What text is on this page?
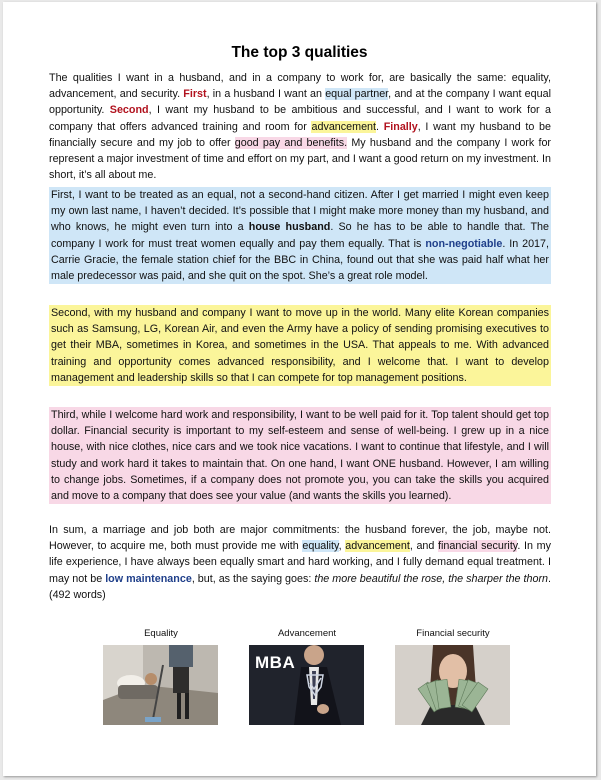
The top 3 qualities
The qualities I want in a husband, and in a company to work for, are basically the same: equality, advancement, and security. First, in a husband I want an equal partner, and at the company I want equal opportunity. Second, I want my husband to be ambitious and successful, and I want to work for a company that offers advanced training and room for advancement. Finally, I want my husband to be financially secure and my job to offer good pay and benefits. My husband and the company I work for represent a major investment of time and effort on my part, and I want a good return on my investment. In short, it’s all about me.
First, I want to be treated as an equal, not a second-hand citizen. After I get married I might even keep my own last name, I haven’t decided. It’s possible that I might make more money than my husband, and who knows, he might even turn into a house husband. So he has to be able to handle that. The company I work for must treat women equally and pay them equally. That is non-negotiable. In 2017, Carrie Gracie, the female station chief for the BBC in China, found out that she was paid half what her male predecessor was paid, and she quit on the spot. She’s a great role model.
Second, with my husband and company I want to move up in the world. Many elite Korean companies such as Samsung, LG, Korean Air, and even the Army have a policy of sending promising executives to get their MBA, sometimes in Korea, and sometimes in the USA. That appeals to me. With advanced training and opportunity comes advanced responsibility, and I welcome that. I want to develop management and leadership skills so that I can compete for top management positions.
Third, while I welcome hard work and responsibility, I want to be well paid for it. Top talent should get top dollar. Financial security is important to my self-esteem and sense of well-being. I grew up in a nice house, with nice clothes, nice cars and we took nice vacations. I want to continue that lifestyle, and I will study and work hard it takes to maintain that. On one hand, I want ONE husband. However, I am willing to change jobs. Sometimes, if a company does not promote you, you can take the skills you acquired and move to a company that does see your value (and wants the skills you learned).
In sum, a marriage and job both are major commitments: the husband forever, the job, maybe not. However, to acquire me, both must provide me with equality, advancement, and financial security. In my life experience, I have always been equally smart and hard working, and I fully demand equal treatment. I may not be low maintenance, but, as the saying goes: the more beautiful the rose, the sharper the thorn. (492 words)
Equality	Advancement	Financial security
MBA
